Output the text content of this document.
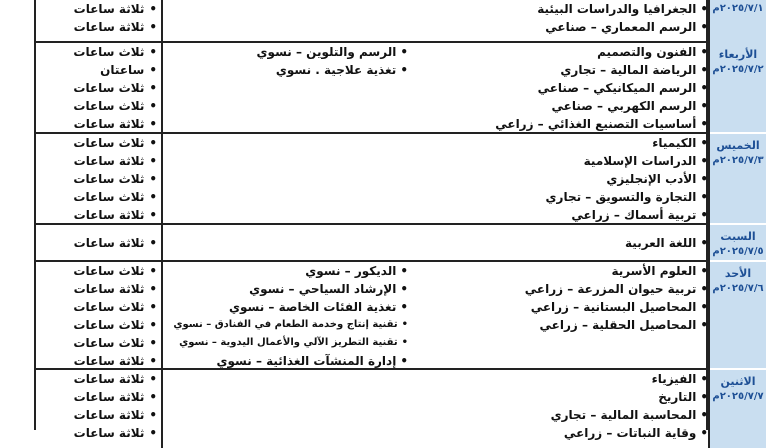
٢٠٢٥/٧/١م
• الجغرافيا والدراسات البيئية
• الرسم المعماري – صناعي
• ثلاثة ساعات
• ثلاثة ساعات
الأربعاء
٢٠٢٥/٧/٢م
• الفنون والتصميم
• الرياضة المالية – تجاري
• الرسم الميكانيكي – صناعي
• الرسم الكهربي – صناعي
• أساسيات التصنيع الغذائي – زراعي
• الرسم والتلوين – نسوي
• تغذية علاجية . نسوي
• ثلاث ساعات
• ساعتان
• ثلاث ساعات
• ثلاث ساعات
• ثلاثة ساعات
الخميس
٢٠٢٥/٧/٣م
• الكيمياء
• الدراسات الإسلامية
• الأدب الإنجليزي
• التجارة والتسويق – تجاري
• تربية أسماك – زراعي
• ثلاث ساعات
• ثلاثة ساعات
• ثلاث ساعات
• ثلاث ساعات
• ثلاثة ساعات
السبت
٢٠٢٥/٧/٥م
• اللغة العربية
• ثلاثة ساعات
الأحد
٢٠٢٥/٧/٦م
• العلوم الأسرية
• تربية حيوان المزرعة – زراعي
• المحاصيل البستانية – زراعي
• المحاصيل الحقلية – زراعي
• الديكور – نسوي
• الإرشاد السياحي – نسوي
• تغذية الفئات الخاصة – نسوي
• تقنية إنتاج وخدمة الطعام في الفنادق – نسوي
• تقنية التطريز الآلي والأعمال اليدوية – نسوي
• إدارة المنشآت الغذائية – نسوي
• ثلاث ساعات
• ثلاثة ساعات
• ثلاث ساعات
• ثلاث ساعات
• ثلاث ساعات
• ثلاثة ساعات
الاثنين
٢٠٢٥/٧/٧م
• الفيزياء
• التاريخ
• المحاسبة المالية – تجاري
• وقاية النباتات – زراعي
• ثلاثة ساعات
• ثلاثة ساعات
• ثلاثة ساعات
• ثلاثة ساعات
